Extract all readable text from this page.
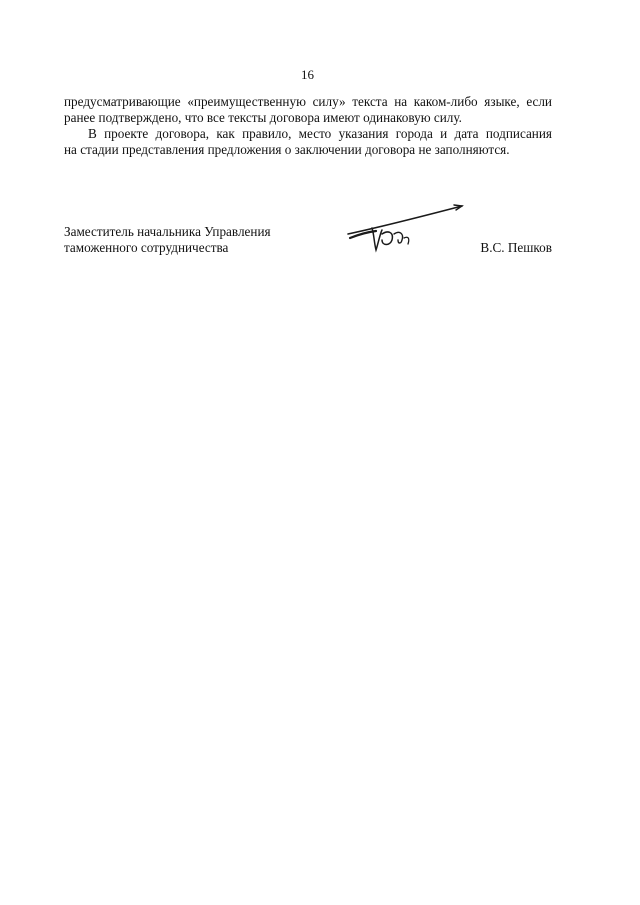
16

предусматривающие «преимущественную силу» текста на каком-либо языке, если
ранее подтверждено, что все тексты договора имеют одинаковую силу.

В проекте договора, как правило, место указания города и дата подписания
на стадии представления предложения о заключении договора не заполняются.

Заместитель начальника Управления
таможенного сотрудничества	В.С. Пешков
